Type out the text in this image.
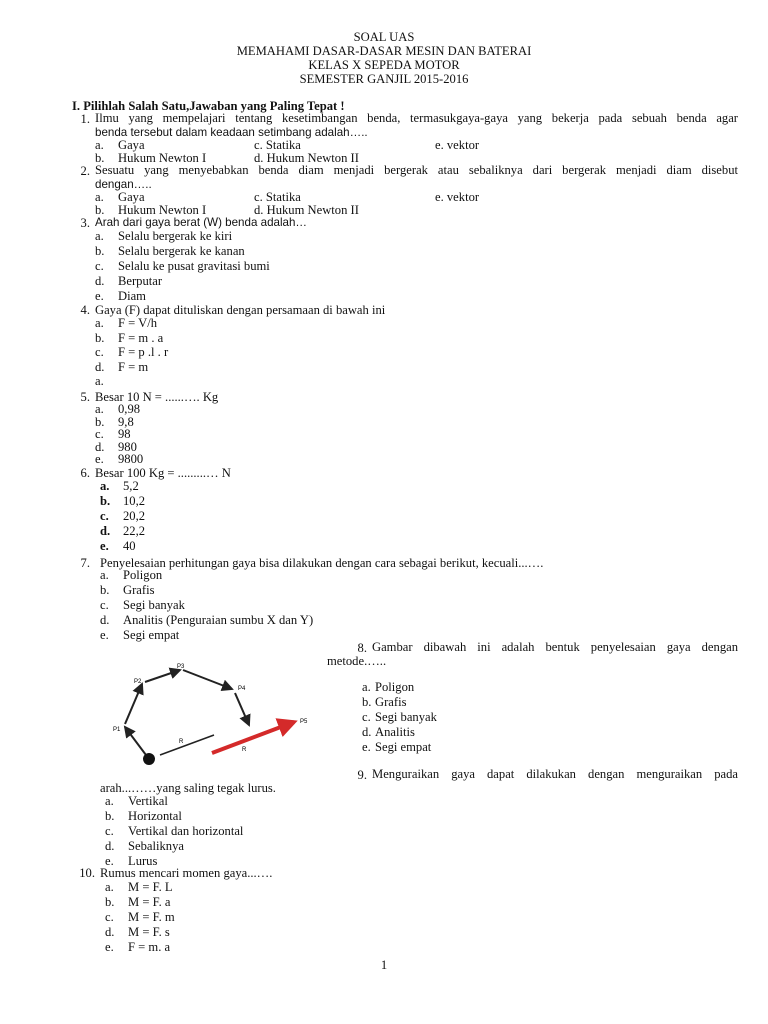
SOAL UAS
MEMAHAMI DASAR-DASAR MESIN DAN BATERAI
KELAS X SEPEDA MOTOR
SEMESTER GANJIL 2015-2016
I. Pilihlah Salah Satu,Jawaban yang Paling Tepat !
1. Ilmu yang mempelajari tentang kesetimbangan benda, termasukgaya-gaya yang bekerja pada sebuah benda agar
benda tersebut dalam keadaan setimbang adalah…..
a. Gaya	c. Statika	e. vektor
b. Hukum Newton I	d. Hukum Newton II
2. Sesuatu yang menyebabkan benda diam menjadi bergerak atau sebaliknya dari bergerak menjadi diam disebut
dengan…..
a. Gaya	c. Statika	e. vektor
b. Hukum Newton I	d. Hukum Newton II
3. Arah dari gaya berat (W) benda adalah…
a. Selalu bergerak ke kiri
b. Selalu bergerak ke kanan
c. Selalu ke pusat gravitasi bumi
d. Berputar
e. Diam
4. Gaya (F) dapat dituliskan dengan persamaan di bawah ini
a. F = V/h
b. F = m . a
c. F = p .l . r
d. F = m
a.
5. Besar 10 N = ......…. Kg
a. 0,98
b. 9,8
c. 98
d. 980
e. 9800
6. Besar 100 Kg = .........… N
a. 5,2
b. 10,2
c. 20,2
d. 22,2
e. 40
7. Penyelesaian perhitungan gaya bisa dilakukan dengan cara sebagai berikut, kecuali...….
a. Poligon
b. Grafis
c. Segi banyak
d. Analitis (Penguraian sumbu X dan Y)
e. Segi empat
8. Gambar dibawah ini adalah bentuk penyelesaian gaya dengan
metode.…..
a. Poligon
b. Grafis
c. Segi banyak
d. Analitis
e. Segi empat
P1
P2
P3
P4
P5
R
R
9. Menguraikan gaya dapat dilakukan dengan menguraikan pada
arah...……yang saling tegak lurus.
a. Vertikal
b. Horizontal
c. Vertikal dan horizontal
d. Sebaliknya
e. Lurus
10. Rumus mencari momen gaya...….
a. M = F. L
b. M = F. a
c. M = F. m
d. M = F. s
e. F = m. a
1
